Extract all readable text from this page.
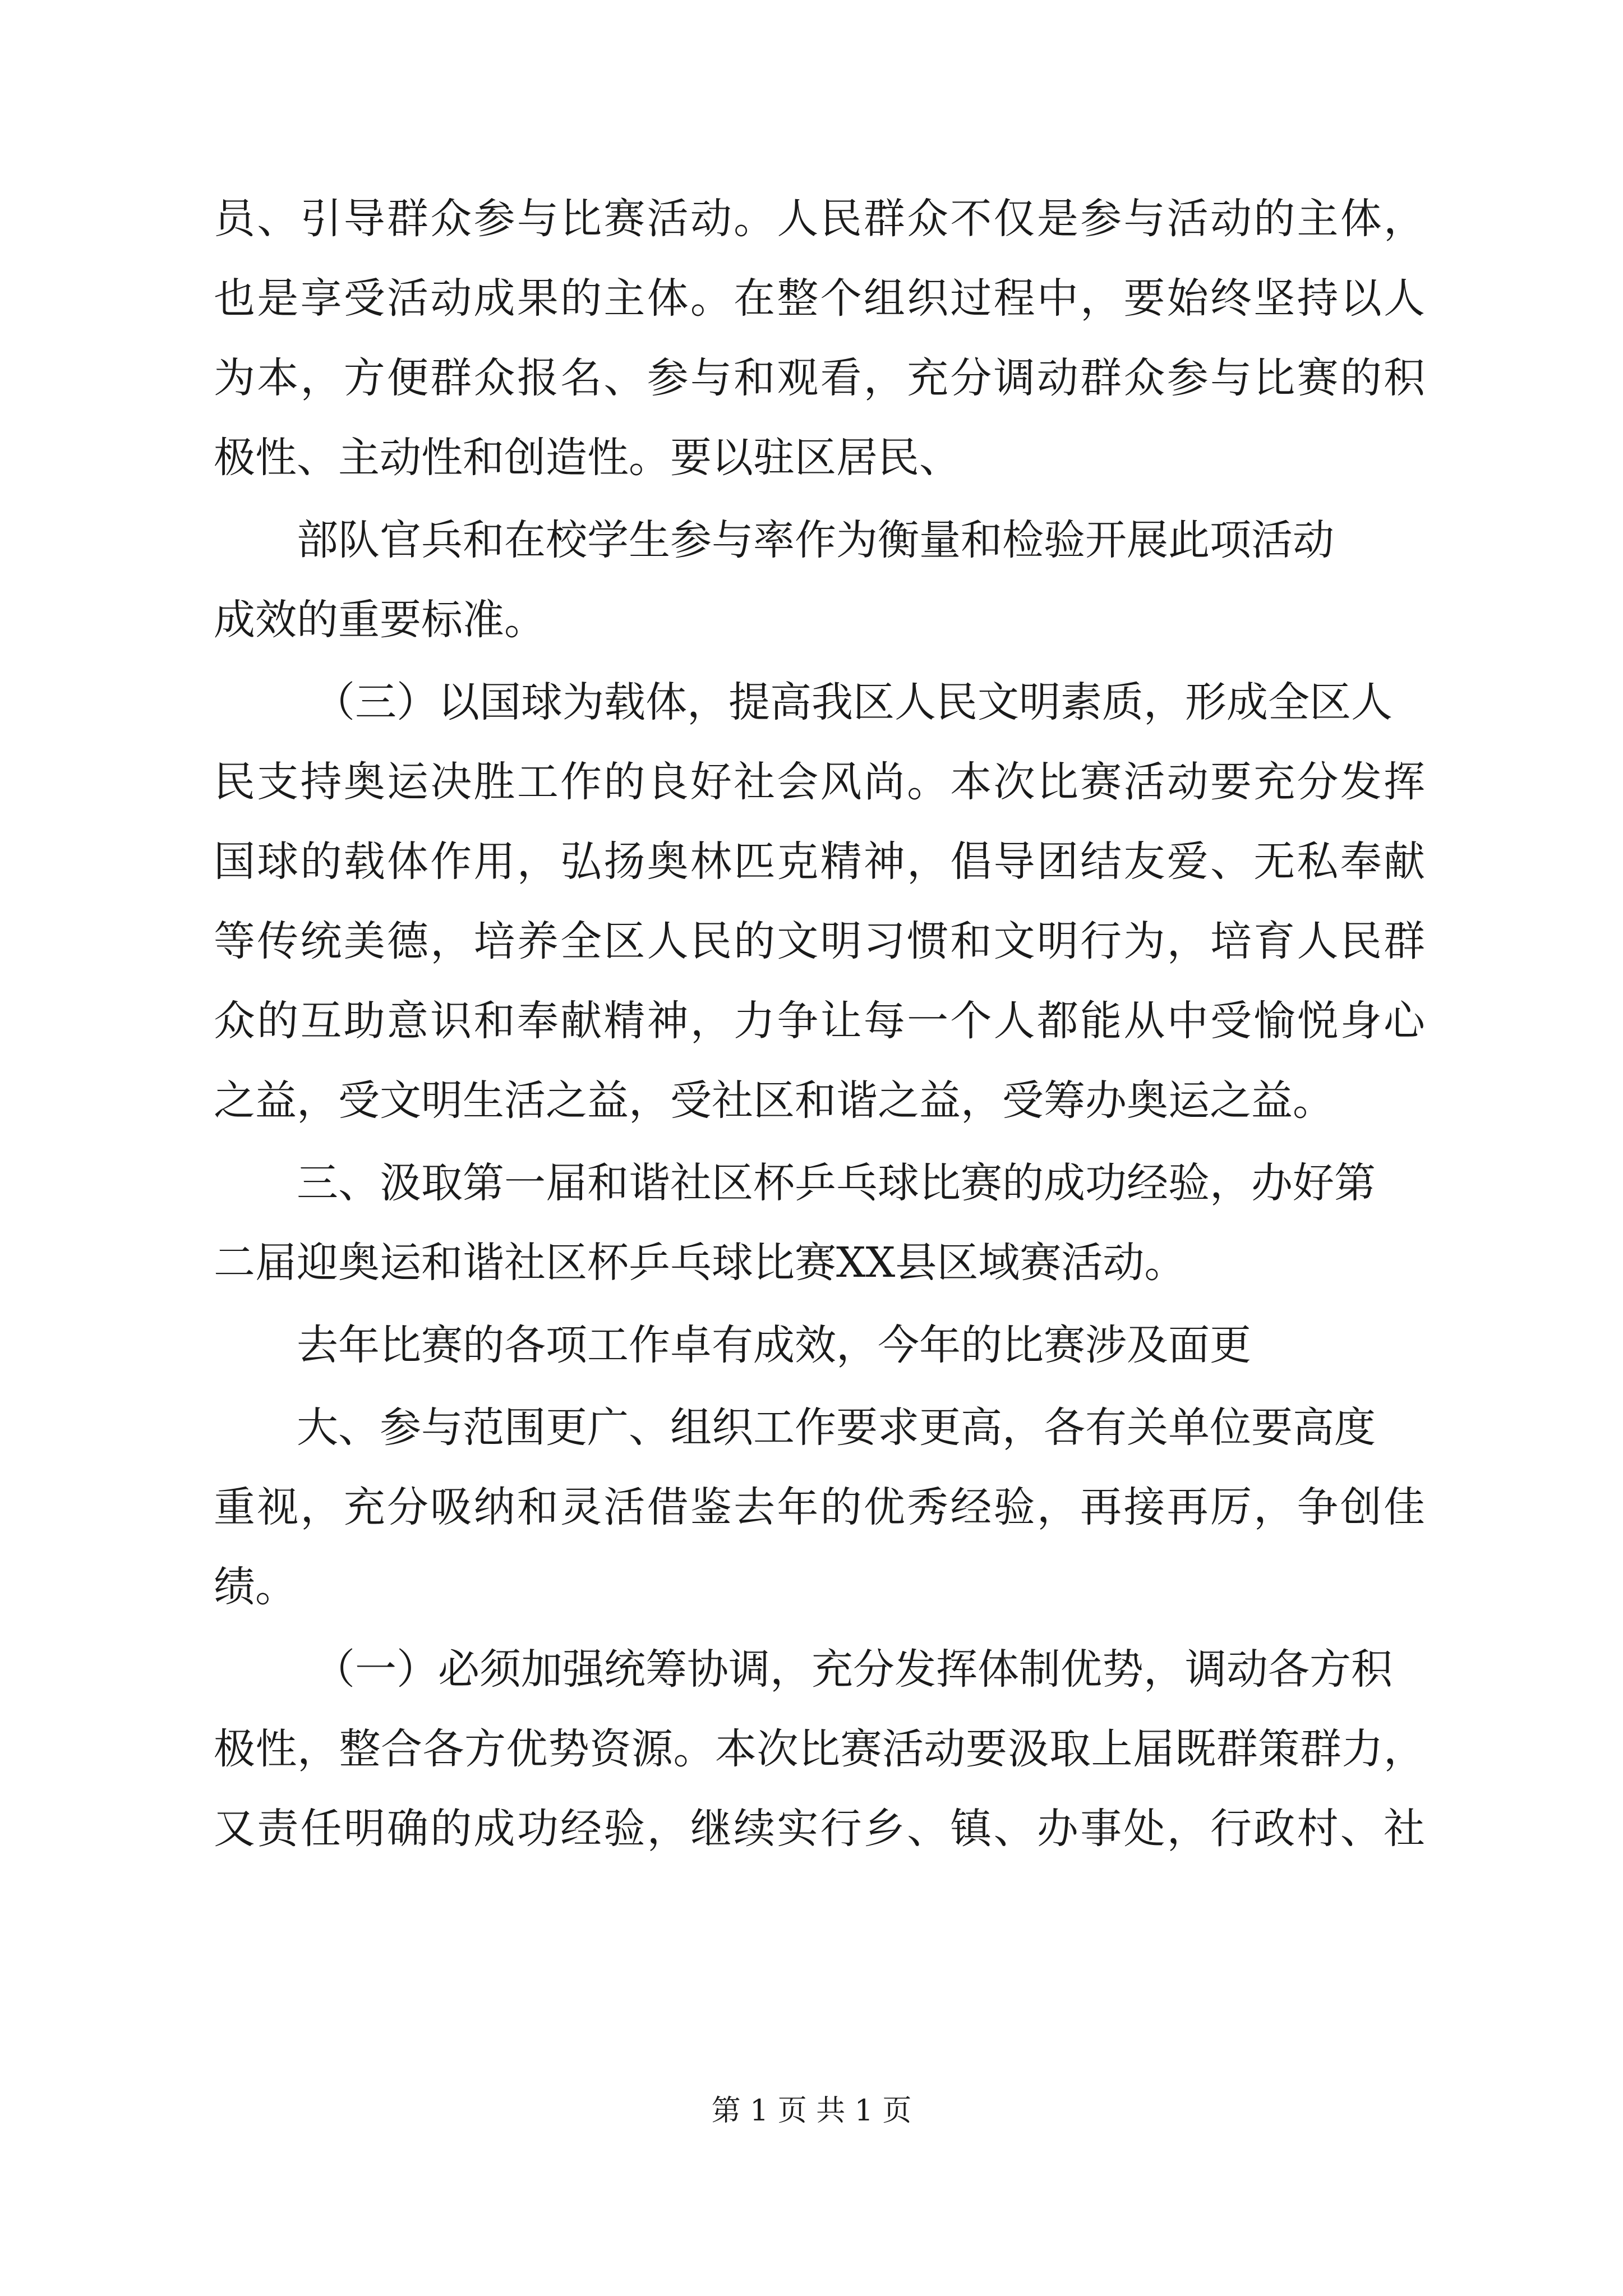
员、引导群众参与比赛活动。人民群众不仅是参与活动的主体，
也是享受活动成果的主体。在整个组织过程中，要始终坚持以人
为本，方便群众报名、参与和观看，充分调动群众参与比赛的积
极性、主动性和创造性。要以驻区居民、
部队官兵和在校学生参与率作为衡量和检验开展此项活动
成效的重要标准。
（三）以国球为载体，提高我区人民文明素质，形成全区人
民支持奥运决胜工作的良好社会风尚。本次比赛活动要充分发挥
国球的载体作用，弘扬奥林匹克精神，倡导团结友爱、无私奉献
等传统美德，培养全区人民的文明习惯和文明行为，培育人民群
众的互助意识和奉献精神，力争让每一个人都能从中受愉悦身心
之益，受文明生活之益，受社区和谐之益，受筹办奥运之益。
三、汲取第一届和谐社区杯乒乓球比赛的成功经验，办好第
二届迎奥运和谐社区杯乒乓球比赛XX县区域赛活动。
去年比赛的各项工作卓有成效，今年的比赛涉及面更
大、参与范围更广、组织工作要求更高，各有关单位要高度
重视，充分吸纳和灵活借鉴去年的优秀经验，再接再厉，争创佳
绩。
（一）必须加强统筹协调，充分发挥体制优势，调动各方积
极性，整合各方优势资源。本次比赛活动要汲取上届既群策群力，
又责任明确的成功经验，继续实行乡、镇、办事处，行政村、社
第 1 页 共 1 页
